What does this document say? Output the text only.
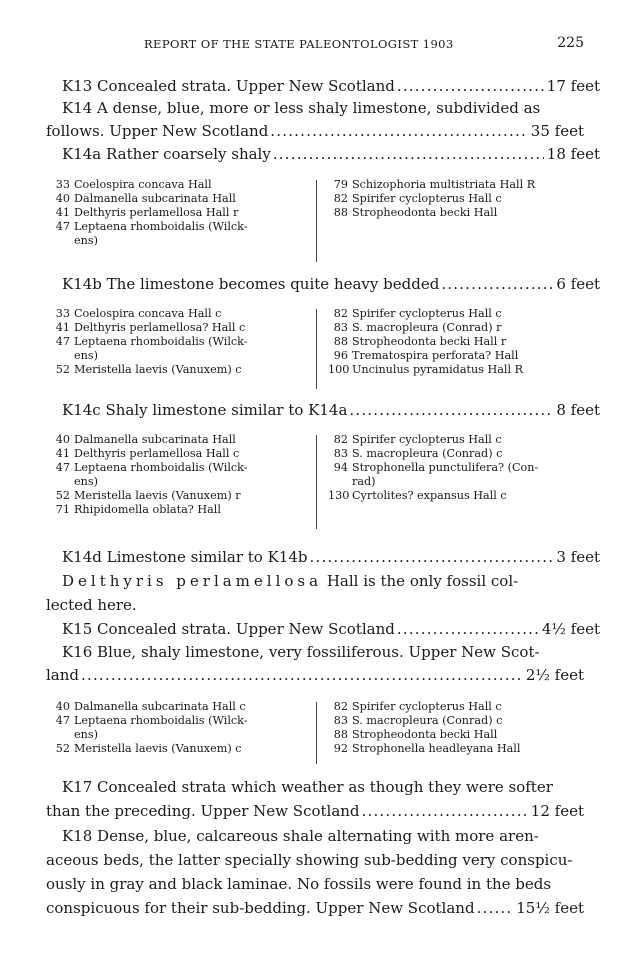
REPORT OF THE STATE PALEONTOLOGIST 1903	225
K13 Concealed strata. Upper New Scotland .....	17 feet
K14 A dense, blue, more or less shaly limestone, subdivided as
follows. Upper New Scotland .....	35 feet
K14a Rather coarsely shaly .....	18 feet
33 Coelospira concava Hall
40 Dalmanella subcarinata Hall
41 Delthyris perlamellosa Hall r
47 Leptaena rhomboidalis (Wilck-
ens)
79 Schizophoria multistriata Hall R
82 Spirifer cyclopterus Hall c
88 Stropheodonta becki Hall
K14b The limestone becomes quite heavy bedded .....	6 feet
33 Coelospira concava Hall c
41 Delthyris perlamellosa? Hall c
47 Leptaena rhomboidalis (Wilck-
ens)
52 Meristella laevis (Vanuxem) c
82 Spirifer cyclopterus Hall c
83 S. macropleura (Conrad) r
88 Stropheodonta becki Hall r
96 Trematospira perforata? Hall
100 Uncinulus pyramidatus Hall R
K14c Shaly limestone similar to K14a .....	8 feet
40 Dalmanella subcarinata Hall
41 Delthyris perlamellosa Hall c
47 Leptaena rhomboidalis (Wilck-
ens)
52 Meristella laevis (Vanuxem) r
71 Rhipidomella oblata? Hall
82 Spirifer cyclopterus Hall c
83 S. macropleura (Conrad) c
94 Strophonella punctulifera? (Con-
rad)
130 Cyrtolites? expansus Hall c
K14d Limestone similar to K14b .....	3 feet
Delthyris perlamellosa Hall is the only fossil col-
lected here.
K15 Concealed strata. Upper New Scotland .....	4½ feet
K16 Blue, shaly limestone, very fossiliferous. Upper New Scot-
land .....	2½ feet
40 Dalmanella subcarinata Hall c
47 Leptaena rhomboidalis (Wilck-
ens)
52 Meristella laevis (Vanuxem) c
82 Spirifer cyclopterus Hall c
83 S. macropleura (Conrad) c
88 Stropheodonta becki Hall
92 Strophonella headleyana Hall
K17 Concealed strata which weather as though they were softer
than the preceding. Upper New Scotland .....	12 feet
K18 Dense, blue, calcareous shale alternating with more aren-
aceous beds, the latter specially showing sub-bedding very conspicu-
ously in gray and black laminae. No fossils were found in the beds
conspicuous for their sub-bedding. Upper New Scotland .....	15½ feet
